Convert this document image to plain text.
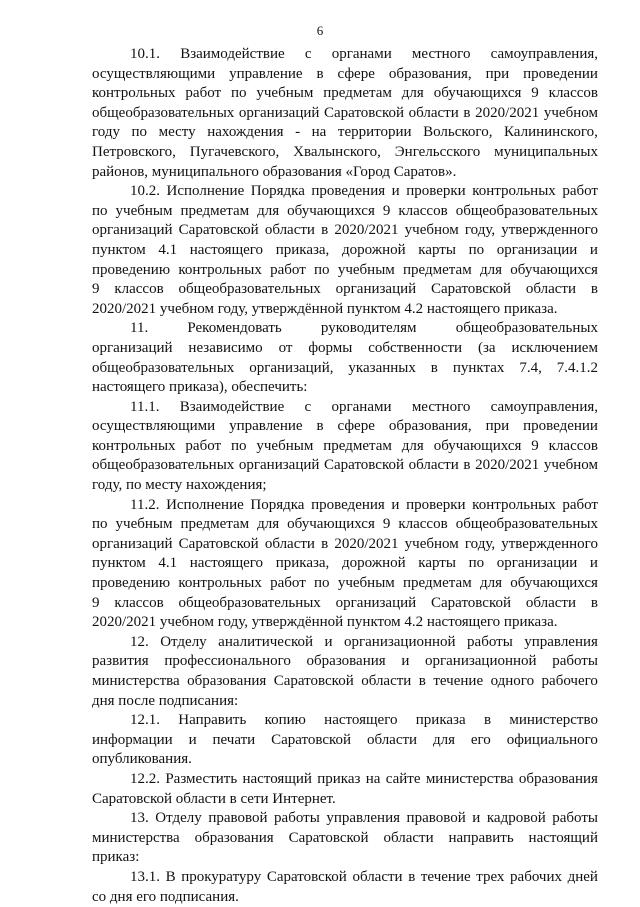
6
10.1. Взаимодействие с органами местного самоуправления,
осуществляющими управление в сфере образования, при проведении
контрольных работ по учебным предметам для обучающихся 9 классов
общеобразовательных организаций Саратовской области в 2020/2021 учебном
году по месту нахождения - на территории Вольского, Калининского,
Петровского, Пугачевского, Хвалынского, Энгельсского муниципальных
районов, муниципального образования «Город Саратов».
10.2. Исполнение Порядка проведения и проверки контрольных работ
по учебным предметам для обучающихся 9 классов общеобразовательных
организаций Саратовской области в 2020/2021 учебном году, утвержденного
пунктом 4.1 настоящего приказа, дорожной карты по организации и
проведению контрольных работ по учебным предметам для обучающихся
9 классов общеобразовательных организаций Саратовской области в
2020/2021 учебном году, утверждённой пунктом 4.2 настоящего приказа.
11.	Рекомендовать	руководителям	общеобразовательных
организаций независимо от формы собственности (за исключением
общеобразовательных организаций, указанных в пунктах 7.4, 7.4.1.2
настоящего приказа), обеспечить:
11.1. Взаимодействие с органами местного самоуправления,
осуществляющими управление в сфере образования, при проведении
контрольных работ по учебным предметам для обучающихся 9 классов
общеобразовательных организаций Саратовской области в 2020/2021 учебном
году, по месту нахождения;
11.2. Исполнение Порядка проведения и проверки контрольных работ
по учебным предметам для обучающихся 9 классов общеобразовательных
организаций Саратовской области в 2020/2021 учебном году, утвержденного
пунктом 4.1 настоящего приказа, дорожной карты по организации и
проведению контрольных работ по учебным предметам для обучающихся
9 классов общеобразовательных организаций Саратовской области в
2020/2021 учебном году, утверждённой пунктом 4.2 настоящего приказа.
12. Отделу аналитической и организационной работы управления
развития профессионального образования и организационной работы
министерства образования Саратовской области в течение одного рабочего
дня после подписания:
12.1. Направить копию настоящего приказа в министерство
информации и печати Саратовской области для его официального
опубликования.
12.2. Разместить настоящий приказ на сайте министерства образования
Саратовской области в сети Интернет.
13. Отделу правовой работы управления правовой и кадровой работы
министерства образования Саратовской области направить настоящий
приказ:
13.1. В прокуратуру Саратовской области в течение трех рабочих дней
со дня его подписания.
